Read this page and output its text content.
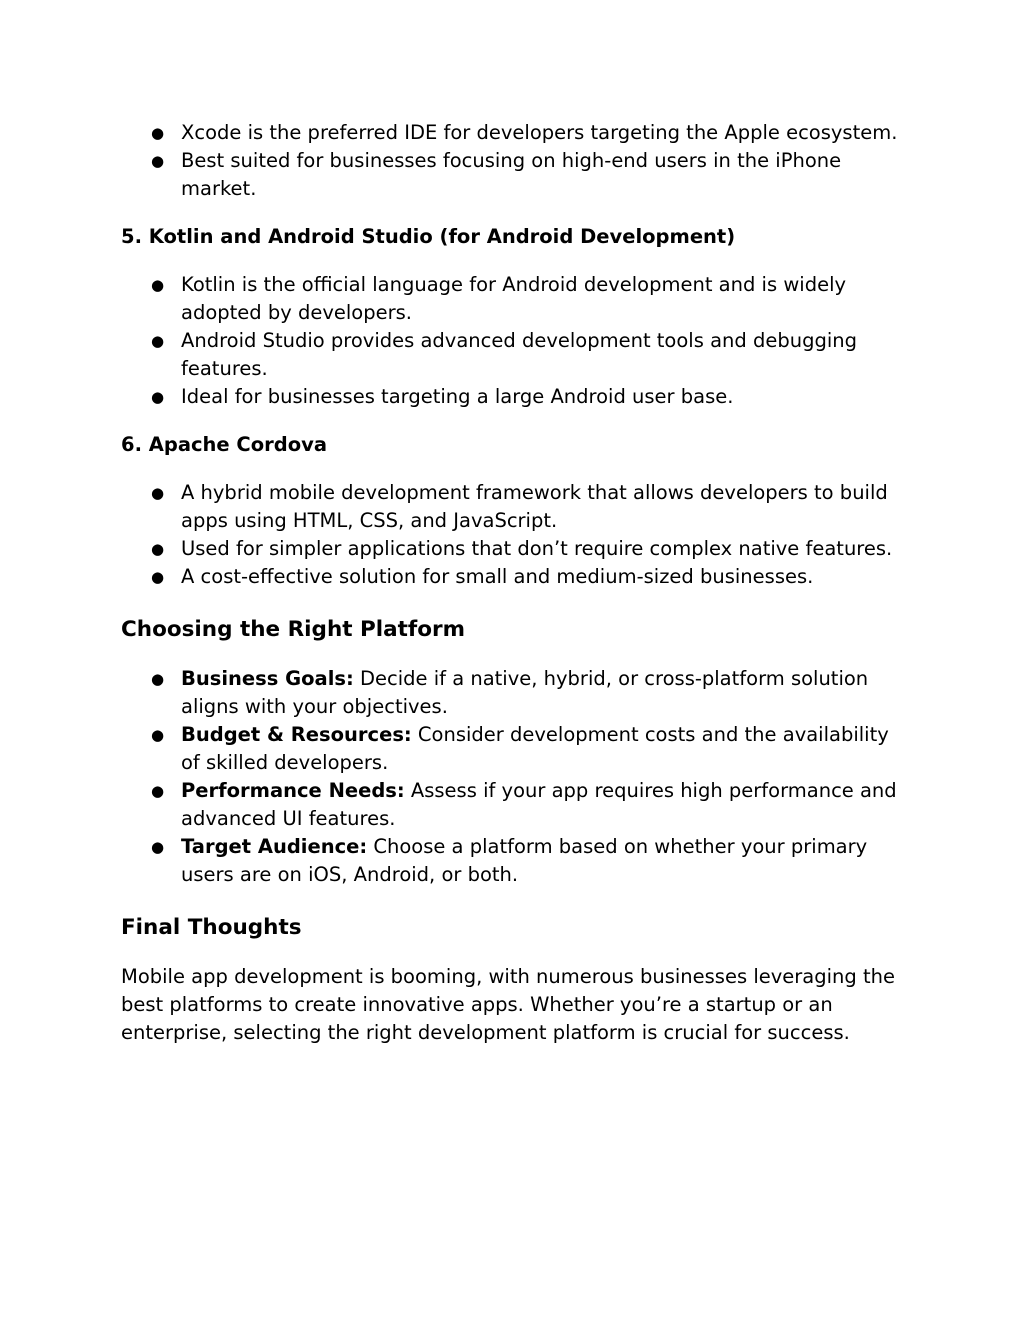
● Xcode is the preferred IDE for developers targeting the Apple ecosystem.
● Best suited for businesses focusing on high-end users in the iPhone market.

5. Kotlin and Android Studio (for Android Development)

● Kotlin is the official language for Android development and is widely adopted by developers.
● Android Studio provides advanced development tools and debugging features.
● Ideal for businesses targeting a large Android user base.

6. Apache Cordova

● A hybrid mobile development framework that allows developers to build apps using HTML, CSS, and JavaScript.
● Used for simpler applications that don’t require complex native features.
● A cost-effective solution for small and medium-sized businesses.

Choosing the Right Platform

● Business Goals: Decide if a native, hybrid, or cross-platform solution aligns with your objectives.
● Budget & Resources: Consider development costs and the availability of skilled developers.
● Performance Needs: Assess if your app requires high performance and advanced UI features.
● Target Audience: Choose a platform based on whether your primary users are on iOS, Android, or both.

Final Thoughts

Mobile app development is booming, with numerous businesses leveraging the best platforms to create innovative apps. Whether you’re a startup or an enterprise, selecting the right development platform is crucial for success.
